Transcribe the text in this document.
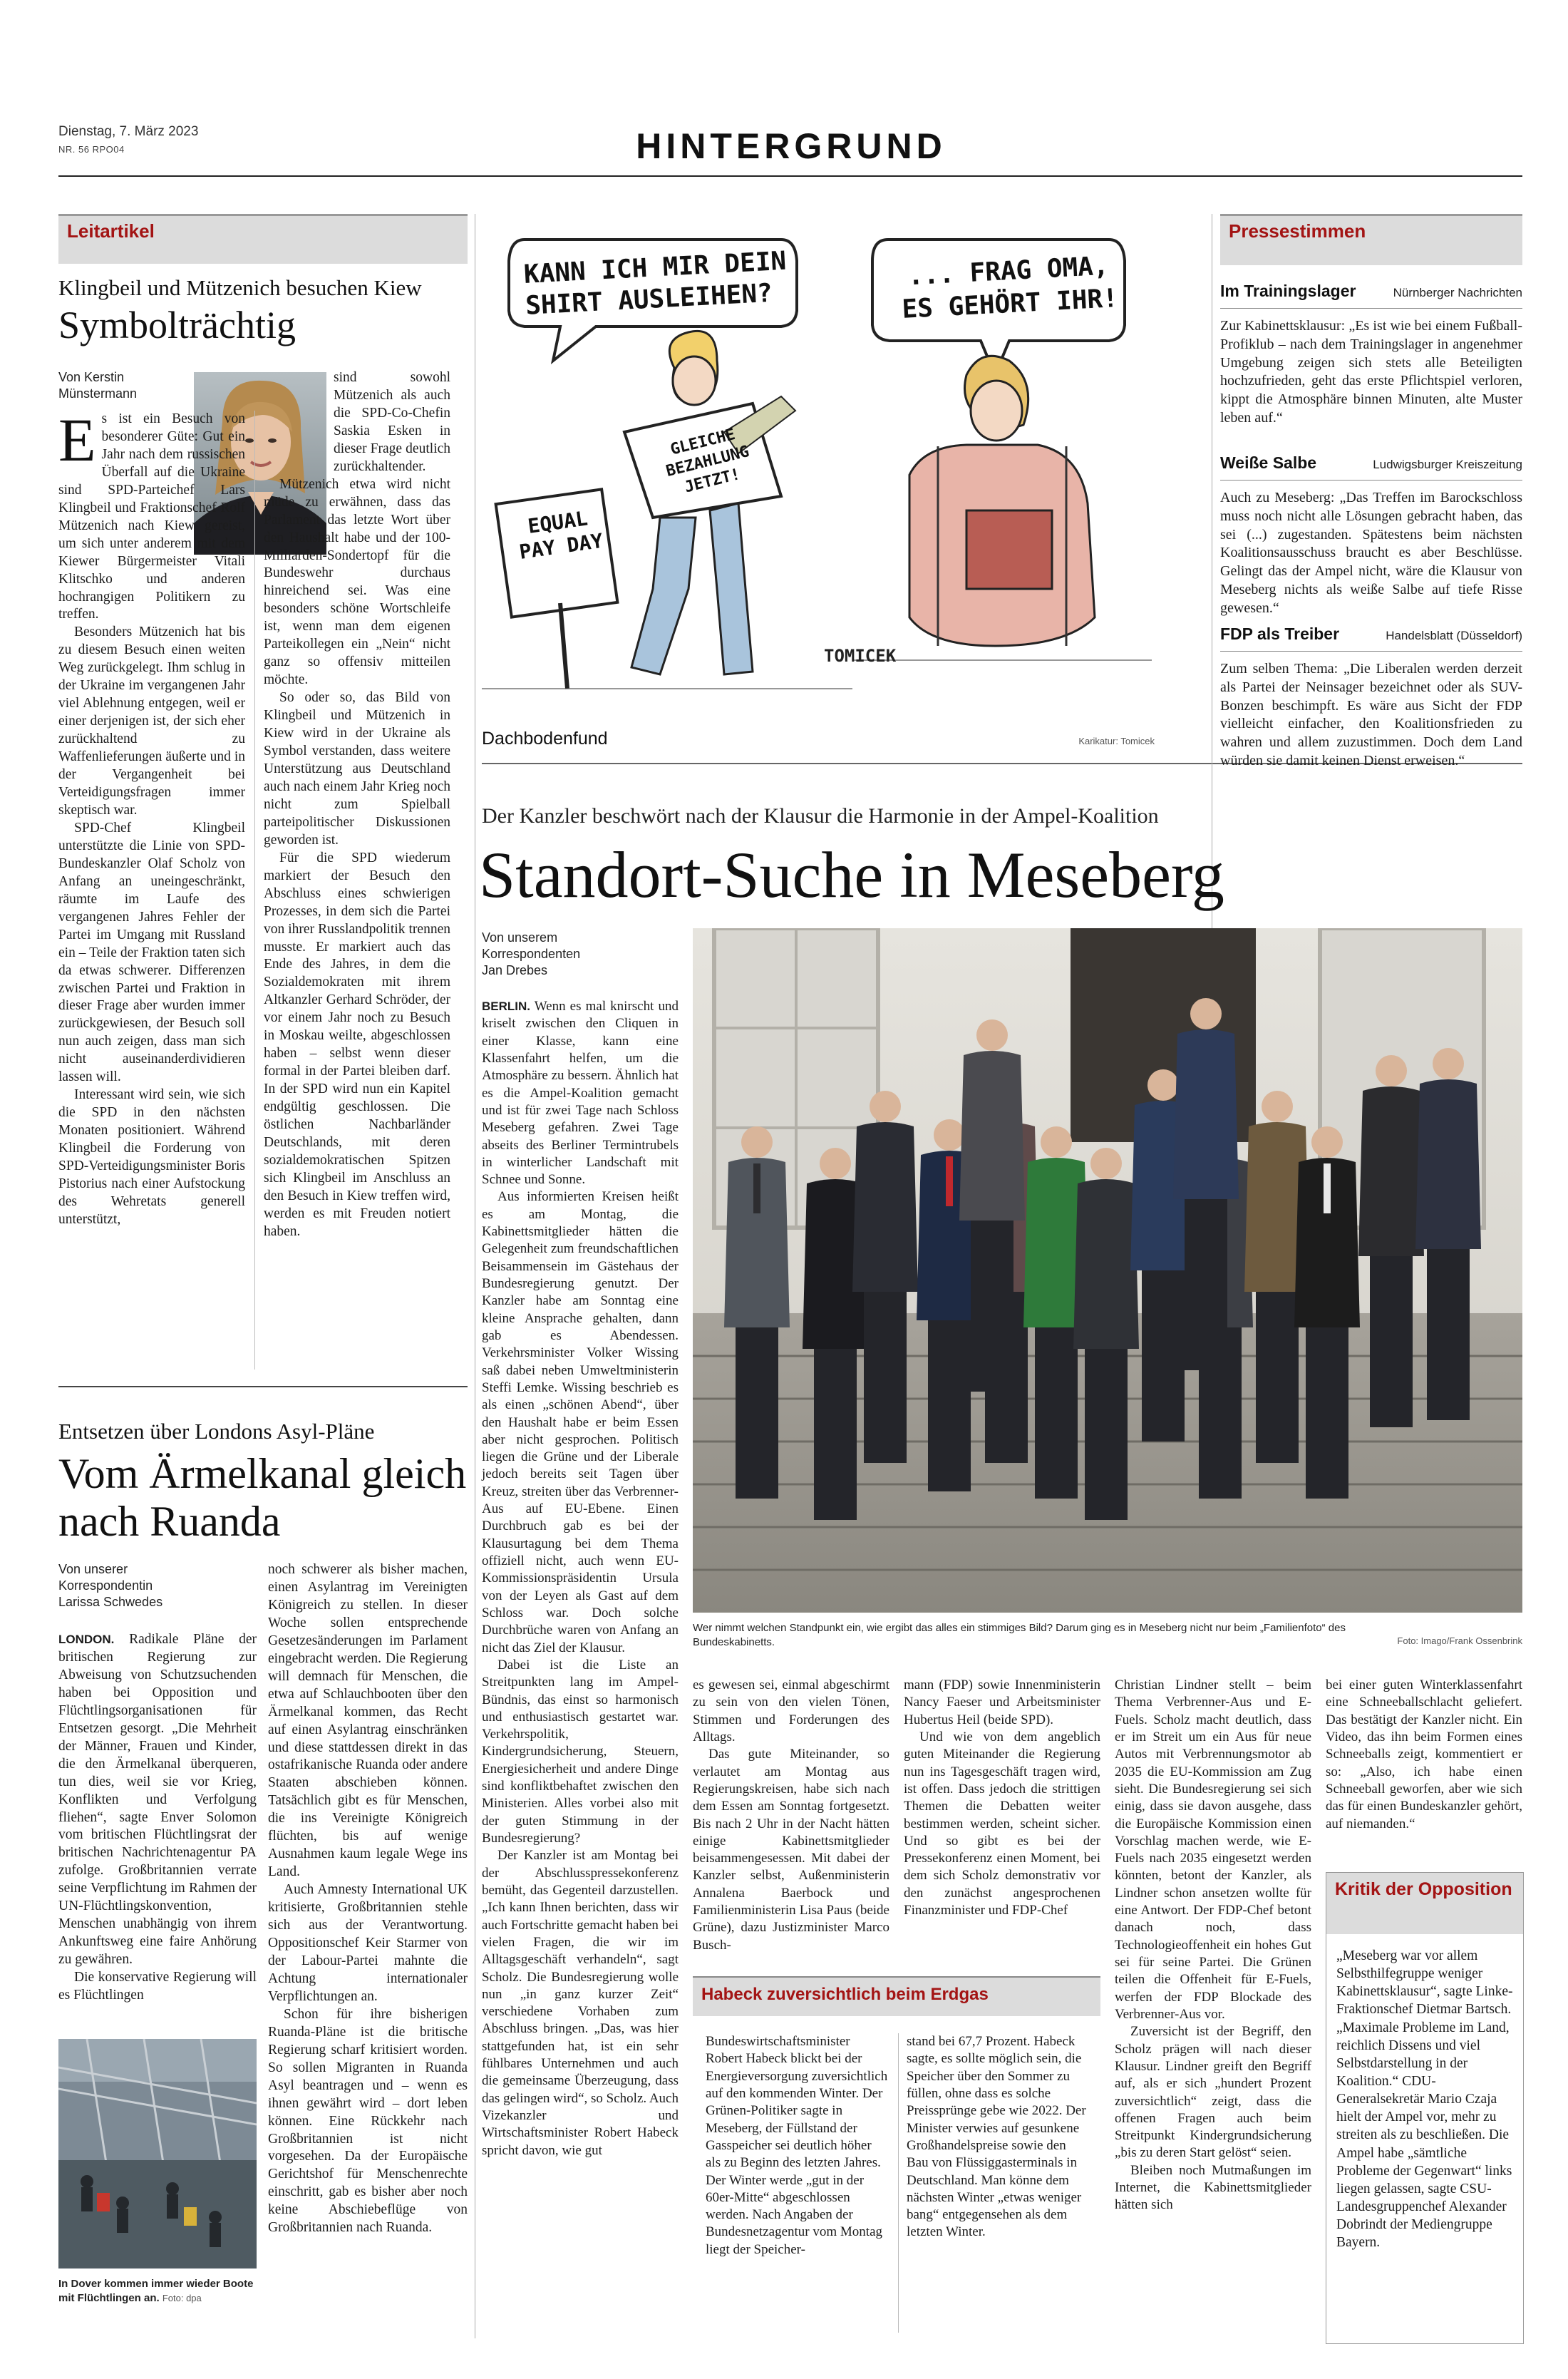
Dienstag, 7. März 2023
NR. 56 RPO04	HINTERGRUND
Leitartikel
Klingbeil und Mützenich besuchen Kiew
Symbolträchtig
Von Kerstin
Münstermann
E s ist ein Besuch von besonderer Güte: Gut ein Jahr nach dem russischen Überfall auf die Ukraine sind SPD-Parteichef Lars Klingbeil und Fraktionschef Rolf Mützenich nach Kiew gereist, um sich unter anderem mit dem Kiewer Bürgermeister Vitali Klitschko und anderen hochrangigen Politikern zu treffen.

Besonders Mützenich hat bis zu diesem Besuch einen weiten Weg zurückgelegt. Ihm schlug in der Ukraine im vergangenen Jahr viel Ablehnung entgegen, weil er einer derjenigen ist, der sich eher zurückhaltend zu Waffenlieferungen äußerte und in der Vergangenheit bei Verteidigungsfragen immer skeptisch war.

SPD-Chef Klingbeil unterstützte die Linie von SPD-Bundeskanzler Olaf Scholz von Anfang an uneingeschränkt, räumte im Laufe des vergangenen Jahres Fehler der Partei im Umgang mit Russland ein – Teile der Fraktion taten sich da etwas schwerer. Differenzen zwischen Partei und Fraktion in dieser Frage aber wurden immer zurückgewiesen, der Besuch soll nun auch zeigen, dass man sich nicht auseinanderdividieren lassen will.

Interessant wird sein, wie sich die SPD in den nächsten Monaten positioniert. Während Klingbeil die Forderung von SPD-Verteidigungsminister Boris Pistorius nach einer Aufstockung des Wehretats generell unterstützt,

sind sowohl Mützenich als auch die SPD-Co-Chefin Saskia Esken in dieser Frage deutlich zurückhaltender.

Mützenich etwa wird nicht müde zu erwähnen, dass das Parlament das letzte Wort über den Haushalt habe und der 100-Milliarden-Sondertopf für die Bundeswehr durchaus hinreichend sei. Was eine besonders schöne Wortschleife ist, wenn man dem eigenen Parteikollegen ein „Nein“ nicht ganz so offensiv mitteilen möchte.

So oder so, das Bild von Klingbeil und Mützenich in Kiew wird in der Ukraine als Symbol verstanden, dass weitere Unterstützung aus Deutschland auch nach einem Jahr Krieg noch nicht zum Spielball parteipolitischer Diskussionen geworden ist.

Für die SPD wiederum markiert der Besuch den Abschluss eines schwierigen Prozesses, in dem sich die Partei von ihrer Russlandpolitik trennen musste. Er markiert auch das Ende des Jahres, in dem die Sozialdemokraten mit ihrem Altkanzler Gerhard Schröder, der vor einem Jahr noch zu Besuch in Moskau weilte, abgeschlossen haben – selbst wenn dieser formal in der Partei bleiben darf. In der SPD wird nun ein Kapitel endgültig geschlossen. Die östlichen Nachbarländer Deutschlands, mit deren sozialdemokratischen Spitzen sich Klingbeil im Anschluss an den Besuch in Kiew treffen wird, werden es mit Freuden notiert haben.

Entsetzen über Londons Asyl-Pläne
Vom Ärmelkanal gleich nach Ruanda
Von unserer
Korrespondentin
Larissa Schwedes

LONDON. Radikale Pläne der britischen Regierung zur Abweisung von Schutzsuchenden haben bei Opposition und Flüchtlingsorganisationen für Entsetzen gesorgt. „Die Mehrheit der Männer, Frauen und Kinder, die den Ärmelkanal überqueren, tun dies, weil sie vor Krieg, Konflikten und Verfolgung fliehen“, sagte Enver Solomon vom britischen Flüchtlingsrat der britischen Nachrichtenagentur PA zufolge. Großbritannien verrate seine Verpflichtung im Rahmen der UN-Flüchtlingskonvention, Menschen unabhängig von ihrem Ankunftsweg eine faire Anhörung zu gewähren.

Die konservative Regierung will es Flüchtlingen

In Dover kommen immer wieder Boote mit Flüchtlingen an. Foto: dpa

noch schwerer als bisher machen, einen Asylantrag im Vereinigten Königreich zu stellen. In dieser Woche sollen entsprechende Gesetzesänderungen im Parlament eingebracht werden. Die Regierung will demnach für Menschen, die etwa auf Schlauchbooten über den Ärmelkanal kommen, das Recht auf einen Asylantrag einschränken und diese stattdessen direkt in das ostafrikanische Ruanda oder andere Staaten abschieben können. Tatsächlich gibt es für Menschen, die ins Vereinigte Königreich flüchten, bis auf wenige Ausnahmen kaum legale Wege ins Land.

Auch Amnesty International UK kritisierte, Großbritannien stehle sich aus der Verantwortung. Oppositionschef Keir Starmer von der Labour-Partei mahnte die Achtung internationaler Verpflichtungen an.

Schon für ihre bisherigen Ruanda-Pläne ist die britische Regierung scharf kritisiert worden. So sollen Migranten in Ruanda Asyl beantragen und – wenn es ihnen gewährt wird – dort leben können. Eine Rückkehr nach Großbritannien ist nicht vorgesehen. Da der Europäische Gerichtshof für Menschenrechte einschritt, gab es bisher aber noch keine Abschiebeflüge von Großbritannien nach Ruanda.

KANN ICH MIR DEIN SHIRT AUSLEIHEN?
... FRAG OMA, ES GEHÖRT IHR!
GLEICHE BEZAHLUNG JETZT!
EQUAL PAY DAY
TOMICEK
Dachbodenfund	Karikatur: Tomicek
Pressestimmen
Im Trainingslager	Nürnberger Nachrichten
Zur Kabinettsklausur: „Es ist wie bei einem Fußball-Profiklub – nach dem Trainingslager in angenehmer Umgebung zeigen sich stets alle Beteiligten hochzufrieden, geht das erste Pflichtspiel verloren, kippt die Atmosphäre binnen Minuten, alte Muster leben auf.“
Weiße Salbe	Ludwigsburger Kreiszeitung
Auch zu Meseberg: „Das Treffen im Barockschloss muss noch nicht alle Lösungen gebracht haben, das sei (...) zugestanden. Spätestens beim nächsten Koalitionsausschuss braucht es aber Beschlüsse. Gelingt das der Ampel nicht, wäre die Klausur von Meseberg nichts als weiße Salbe auf tiefe Risse gewesen.“
FDP als Treiber	Handelsblatt (Düsseldorf)
Zum selben Thema: „Die Liberalen werden derzeit als Partei der Neinsager bezeichnet oder als SUV-Bonzen beschimpft. Es wäre aus Sicht der FDP vielleicht einfacher, den Koalitionsfrieden zu wahren und allem zuzustimmen. Doch dem Land würden sie damit keinen Dienst erweisen.“
Der Kanzler beschwört nach der Klausur die Harmonie in der Ampel-Koalition
Standort-Suche in Meseberg
Von unserem
Korrespondenten
Jan Drebes

BERLIN. Wenn es mal knirscht und kriselt zwischen den Cliquen in einer Klasse, kann eine Klassenfahrt helfen, um die Atmosphäre zu bessern. Ähnlich hat es die Ampel-Koalition gemacht und ist für zwei Tage nach Schloss Meseberg gefahren. Zwei Tage abseits des Berliner Termintrubels in winterlicher Landschaft mit Schnee und Sonne.

Aus informierten Kreisen heißt es am Montag, die Kabinettsmitglieder hätten die Gelegenheit zum freundschaftlichen Beisammensein im Gästehaus der Bundesregierung genutzt. Der Kanzler habe am Sonntag eine kleine Ansprache gehalten, dann gab es Abendessen. Verkehrsminister Volker Wissing saß dabei neben Umweltministerin Steffi Lemke. Wissing beschrieb es als einen „schönen Abend“, über den Haushalt habe er beim Essen aber nicht gesprochen. Politisch liegen die Grüne und der Liberale jedoch bereits seit Tagen über Kreuz, streiten über das Verbrenner-Aus auf EU-Ebene. Einen Durchbruch gab es bei der Klausurtagung bei dem Thema offiziell nicht, auch wenn EU-Kommissionspräsidentin Ursula von der Leyen als Gast auf dem Schloss war. Doch solche Durchbrüche waren von Anfang an nicht das Ziel der Klausur.

Dabei ist die Liste an Streitpunkten lang im Ampel-Bündnis, das einst so harmonisch und enthusiastisch gestartet war. Verkehrspolitik, Kindergrundsicherung, Steuern, Energiesicherheit und andere Dinge sind konfliktbehaftet zwischen den Ministerien. Alles vorbei also mit der guten Stimmung in der Bundesregierung?

Der Kanzler ist am Montag bei der Abschlusspressekonferenz bemüht, das Gegenteil darzustellen. „Ich kann Ihnen berichten, dass wir auch Fortschritte gemacht haben bei vielen Fragen, die wir im Alltagsgeschäft verhandeln“, sagt Scholz. Die Bundesregierung wolle nun „in ganz kurzer Zeit“ verschiedene Vorhaben zum Abschluss bringen. „Das, was hier stattgefunden hat, ist ein sehr fühlbares Unternehmen und auch die gemeinsame Überzeugung, dass das gelingen wird“, so Scholz. Auch Vizekanzler und Wirtschaftsminister Robert Habeck spricht davon, wie gut

Wer nimmt welchen Standpunkt ein, wie ergibt das alles ein stimmiges Bild? Darum ging es in Meseberg nicht nur beim „Familienfoto“ des Bundeskabinetts.	Foto: Imago/Frank Ossenbrink

es gewesen sei, einmal abgeschirmt zu sein von den vielen Tönen, Stimmen und Forderungen des Alltags.

Das gute Miteinander, so verlautet am Montag aus Regierungskreisen, habe sich nach dem Essen am Sonntag fortgesetzt. Bis nach 2 Uhr in der Nacht hätten einige Kabinettsmitglieder beisammengesessen. Mit dabei der Kanzler selbst, Außenministerin Annalena Baerbock und Familienministerin Lisa Paus (beide Grüne), dazu Justizminister Marco Busch-

mann (FDP) sowie Innenministerin Nancy Faeser und Arbeitsminister Hubertus Heil (beide SPD).

Und wie von dem angeblich guten Miteinander die Regierung nun ins Tagesgeschäft tragen wird, ist offen. Dass jedoch die strittigen Themen die Debatten weiter bestimmen werden, scheint sicher. Und so gibt es bei der Pressekonferenz einen Moment, bei dem sich Scholz demonstrativ vor den zunächst angesprochenen Finanzminister und FDP-Chef

Christian Lindner stellt – beim Thema Verbrenner-Aus und E-Fuels. Scholz macht deutlich, dass er im Streit um ein Aus für neue Autos mit Verbrennungsmotor ab 2035 die EU-Kommission am Zug sieht. Die Bundesregierung sei sich einig, dass sie davon ausgehe, dass die Europäische Kommission einen Vorschlag machen werde, wie E-Fuels nach 2035 eingesetzt werden könnten, betont der Kanzler, als Lindner schon ansetzen wollte für eine Antwort. Der FDP-Chef betont danach noch, dass Technologieoffenheit ein hohes Gut sei für seine Partei. Die Grünen teilen die Offenheit für E-Fuels, werfen der FDP Blockade des Verbrenner-Aus vor.

Zuversicht ist der Begriff, den Scholz prägen will nach dieser Klausur. Lindner greift den Begriff auf, als er sich „hundert Prozent zuversichtlich“ zeigt, dass die offenen Fragen auch beim Streitpunkt Kindergrundsicherung „bis zu deren Start gelöst“ seien.

Bleiben noch Mutmaßungen im Internet, die Kabinettsmitglieder hätten sich

bei einer guten Winterklassenfahrt eine Schneeballschlacht geliefert. Das bestätigt der Kanzler nicht. Ein Video, das ihn beim Formen eines Schneeballs zeigt, kommentiert er so: „Also, ich habe einen Schneeball geworfen, aber wie sich das für einen Bundeskanzler gehört, auf niemanden.“

Habeck zuversichtlich beim Erdgas
Bundeswirtschaftsminister Robert Habeck blickt bei der Energieversorgung zuversichtlich auf den kommenden Winter. Der Grünen-Politiker sagte in Meseberg, der Füllstand der Gasspeicher sei deutlich höher als zu Beginn des letzten Jahres. Der Winter werde „gut in der 60er-Mitte“ abgeschlossen werden. Nach Angaben der Bundesnetzagentur vom Montag liegt der Speicher-
stand bei 67,7 Prozent. Habeck sagte, es sollte möglich sein, die Speicher über den Sommer zu füllen, ohne dass es solche Preissprünge gebe wie 2022. Der Minister verwies auf gesunkene Großhandelspreise sowie den Bau von Flüssiggasterminals in Deutschland. Man könne dem nächsten Winter „etwas weniger bang“ entgegensehen als dem letzten Winter.
Kritik der Opposition
„Meseberg war vor allem Selbsthilfegruppe weniger Kabinettsklausur“, sagte Linke-Fraktionschef Dietmar Bartsch. „Maximale Probleme im Land, reichlich Dissens und viel Selbstdarstellung in der Koalition.“ CDU-Generalsekretär Mario Czaja hielt der Ampel vor, mehr zu streiten als zu beschließen. Die Ampel habe „sämtliche Probleme der Gegenwart“ links liegen gelassen, sagte CSU-Landesgruppenchef Alexander Dobrindt der Mediengruppe Bayern.
